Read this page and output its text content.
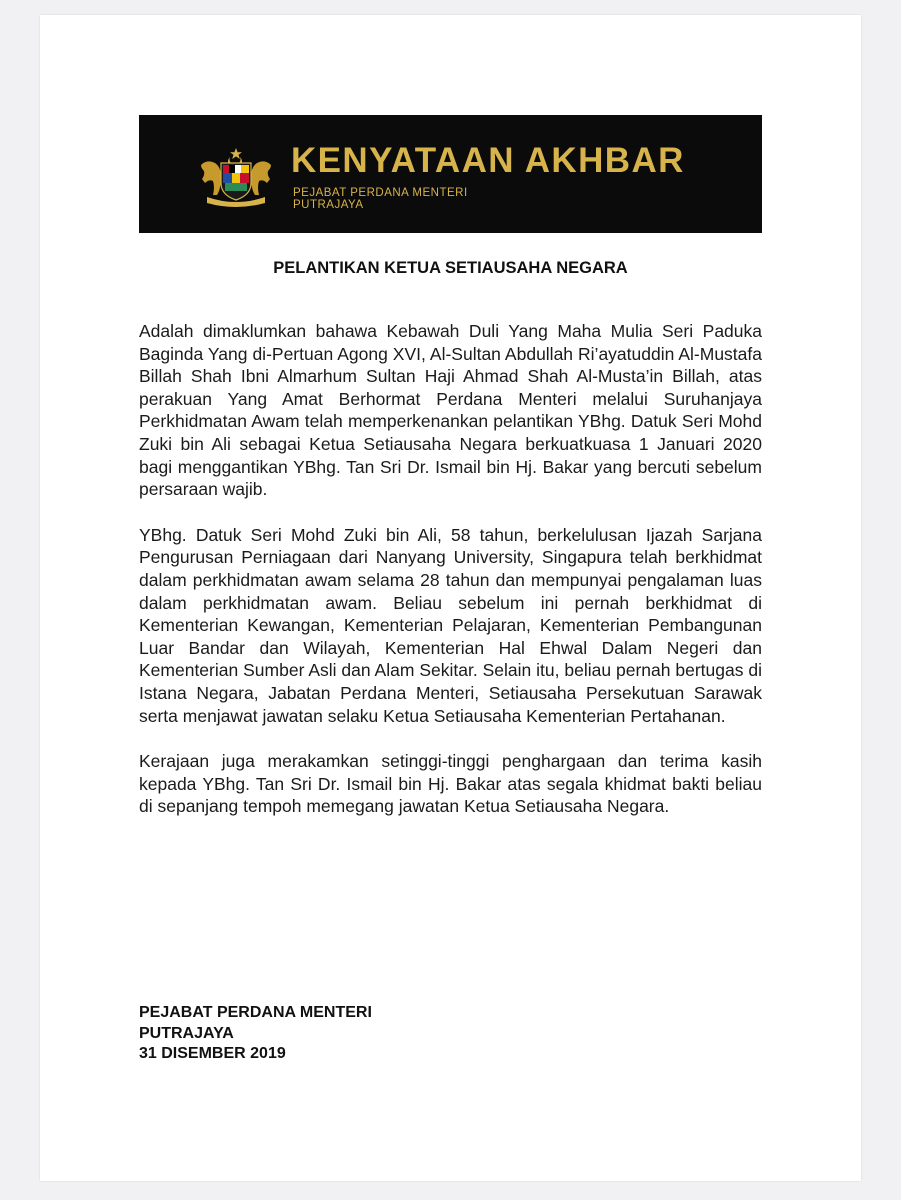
KENYATAAN AKHBAR
PEJABAT PERDANA MENTERI
PUTRAJAYA
PELANTIKAN KETUA SETIAUSAHA NEGARA

Adalah dimaklumkan bahawa Kebawah Duli Yang Maha Mulia Seri Paduka Baginda Yang di-Pertuan Agong XVI, Al-Sultan Abdullah Ri’ayatuddin Al-Mustafa Billah Shah Ibni Almarhum Sultan Haji Ahmad Shah Al-Musta’in Billah, atas perakuan Yang Amat Berhormat Perdana Menteri melalui Suruhanjaya Perkhidmatan Awam telah memperkenankan pelantikan YBhg. Datuk Seri Mohd Zuki bin Ali sebagai Ketua Setiausaha Negara berkuatkuasa 1 Januari 2020 bagi menggantikan YBhg. Tan Sri Dr. Ismail bin Hj. Bakar yang bercuti sebelum persaraan wajib.

YBhg. Datuk Seri Mohd Zuki bin Ali, 58 tahun, berkelulusan Ijazah Sarjana Pengurusan Perniagaan dari Nanyang University, Singapura telah berkhidmat dalam perkhidmatan awam selama 28 tahun dan mempunyai pengalaman luas dalam perkhidmatan awam. Beliau sebelum ini pernah berkhidmat di Kementerian Kewangan, Kementerian Pelajaran, Kementerian Pembangunan Luar Bandar dan Wilayah, Kementerian Hal Ehwal Dalam Negeri dan Kementerian Sumber Asli dan Alam Sekitar. Selain itu, beliau pernah bertugas di Istana Negara, Jabatan Perdana Menteri, Setiausaha Persekutuan Sarawak serta menjawat jawatan selaku Ketua Setiausaha Kementerian Pertahanan.

Kerajaan juga merakamkan setinggi-tinggi penghargaan dan terima kasih kepada YBhg. Tan Sri Dr. Ismail bin Hj. Bakar atas segala khidmat bakti beliau di sepanjang tempoh memegang jawatan Ketua Setiausaha Negara.

PEJABAT PERDANA MENTERI
PUTRAJAYA
31 DISEMBER 2019
